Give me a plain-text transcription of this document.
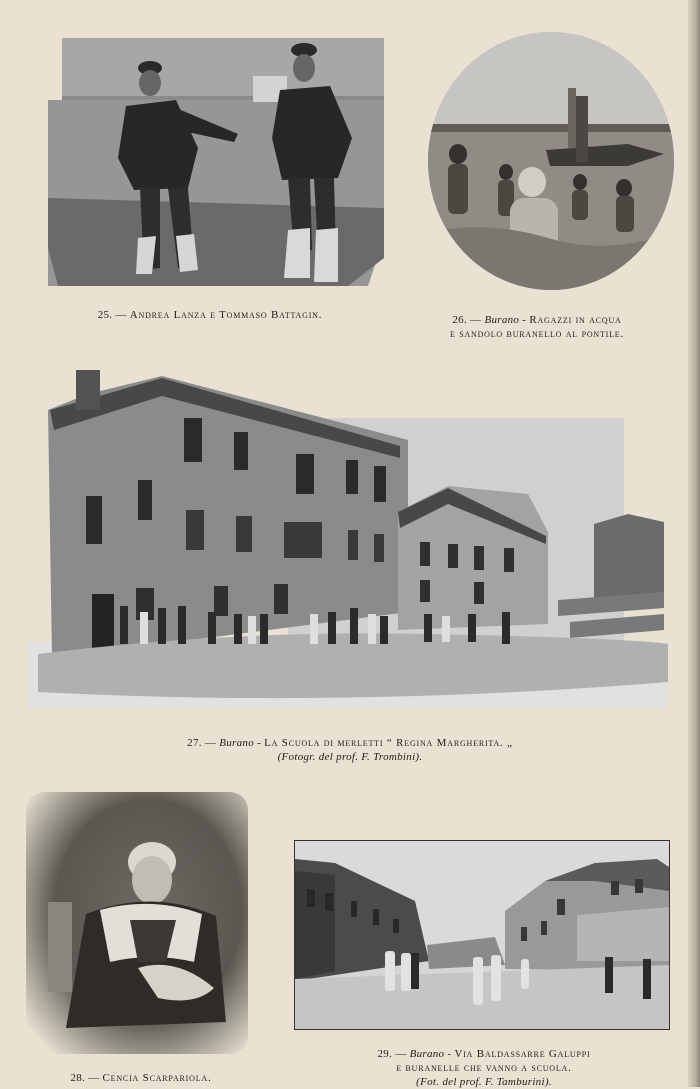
25. — Andrea Lanza e Tommaso Battagin.	26. — Burano - Ragazzi in acqua
e sandolo buranello al pontile.
27. — Burano - La Scuola di merletti “ Regina Margherita. „
(Fotogr. del prof. F. Trombini).
28. — Cencia Scarpariola.
29. — Burano - Via Baldassarre Galuppi
e buranelle che vanno a scuola.
(Fot. del prof. F. Tamburini).
